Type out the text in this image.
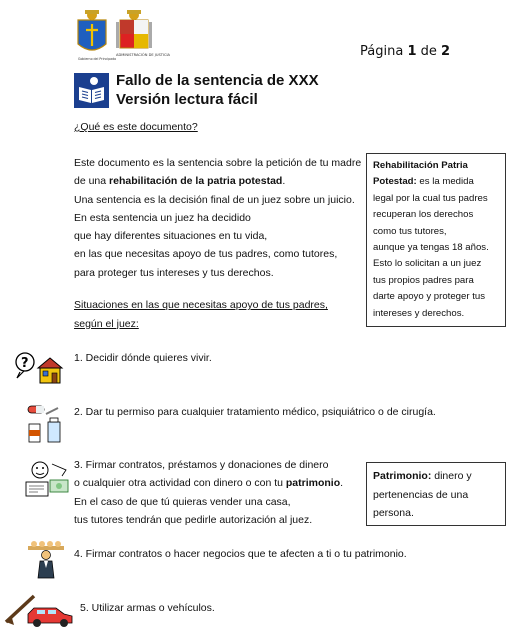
Gobierno del Principado
ADMINISTRACIÓN DE JUSTICIA	Página 1 de 2
Fallo de la sentencia de XXX
Versión lectura fácil
¿Qué es este documento?
Este documento es la sentencia sobre la petición de tu madre
de una rehabilitación de la patria potestad.
Una sentencia es la decisión final de un juez sobre un juicio.
En esta sentencia un juez ha decidido
que hay diferentes situaciones en tu vida,
en las que necesitas apoyo de tus padres, como tutores,
para proteger tus intereses y tus derechos.
Situaciones en las que necesitas apoyo de tus padres,
según el juez:
Rehabilitación Patria Potestad: es la medida
legal por la cual tus padres
recuperan los derechos
como tus tutores,
aunque ya tengas 18 años.
Esto lo solicitan a un juez
tus propios padres para
darte apoyo y proteger tus
intereses y derechos.
?	1. Decidir dónde quieres vivir.
2. Dar tu permiso para cualquier tratamiento médico, psiquiátrico o de cirugía.
3. Firmar contratos, préstamos y donaciones de dinero
o cualquier otra actividad con dinero o con tu patrimonio.
En el caso de que tú quieras vender una casa,
tus tutores tendrán que pedirle autorización al juez.
Patrimonio: dinero y
pertenencias de una
persona.
4. Firmar contratos o hacer negocios que te afecten a ti o tu patrimonio.
5. Utilizar armas o vehículos.
